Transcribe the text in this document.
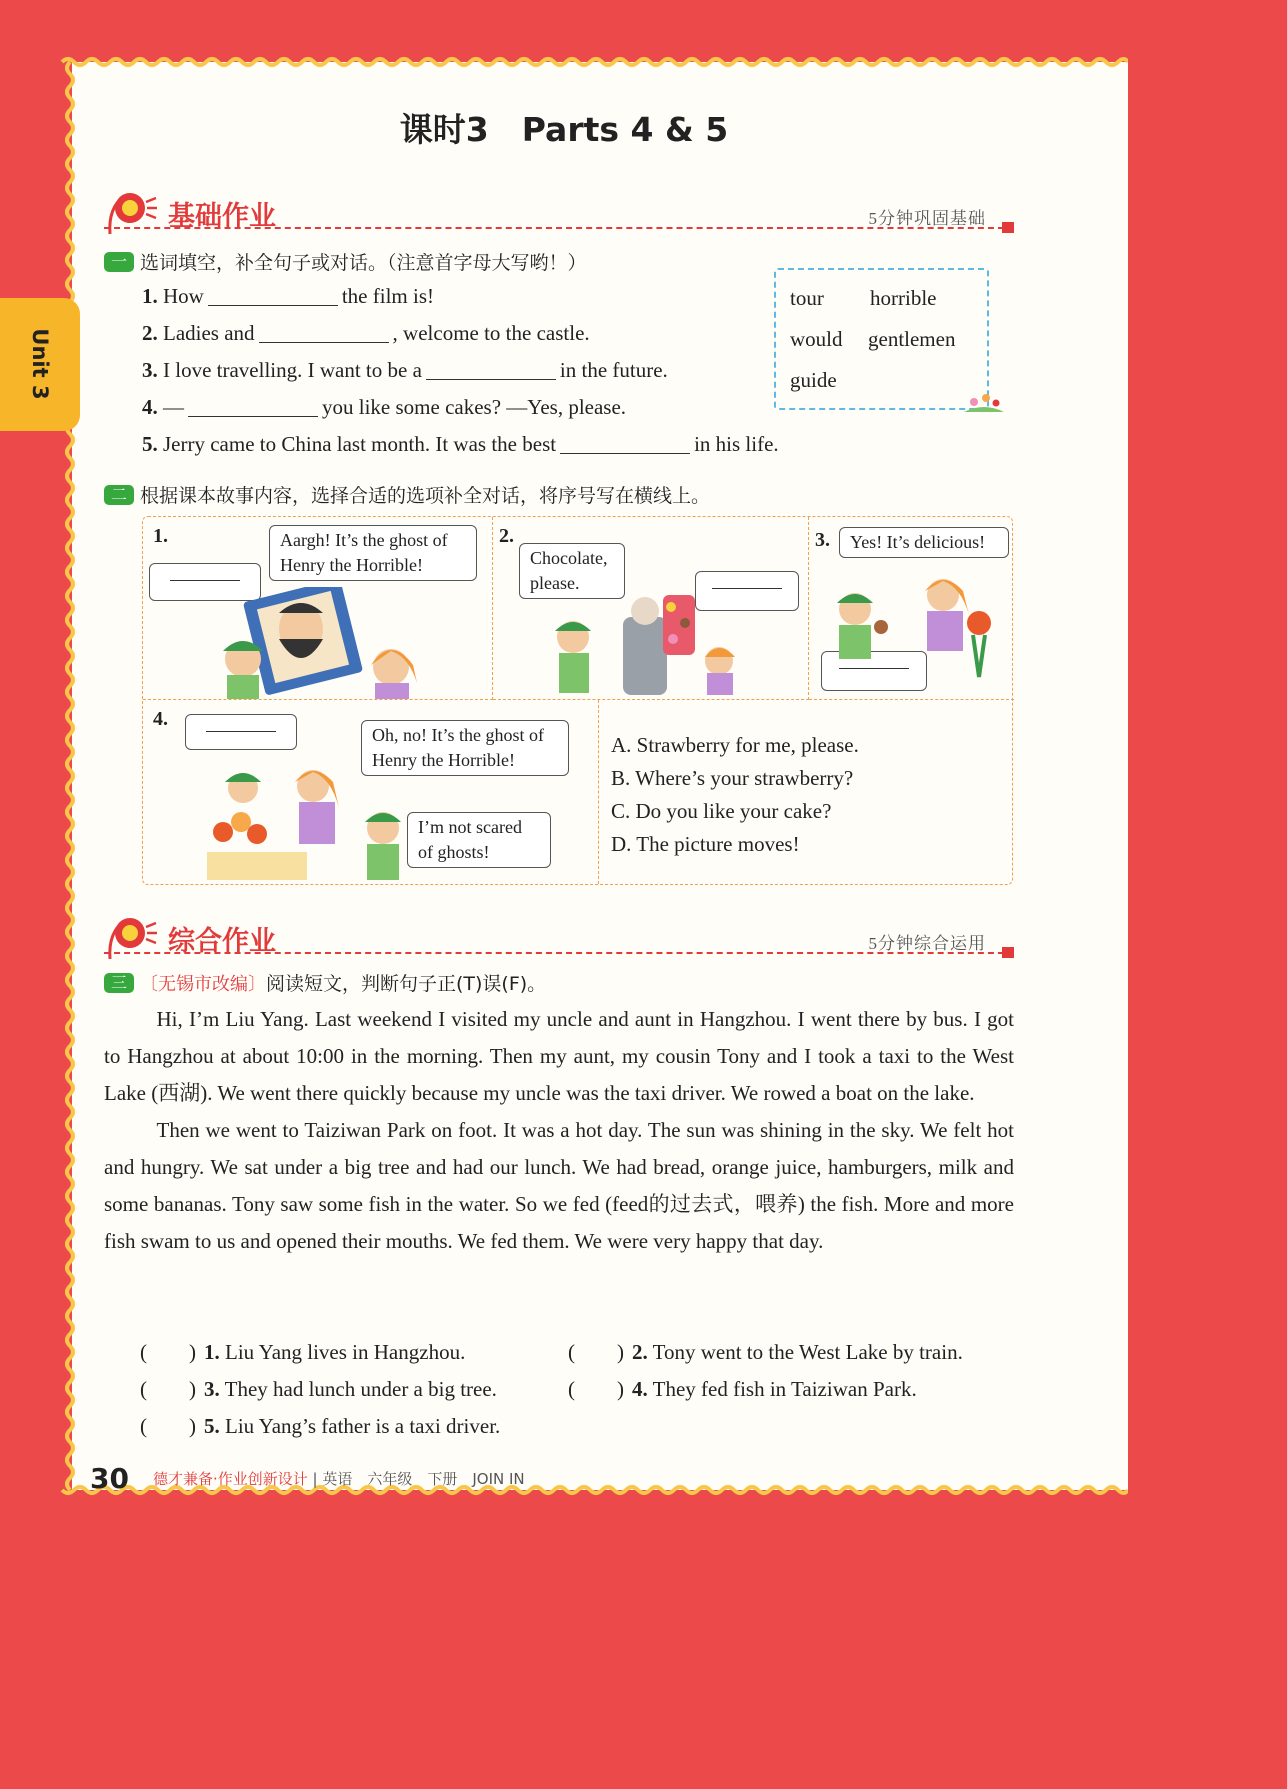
Unit 3
课时3　Parts 4 & 5
基础作业	5分钟巩固基础
一 选词填空，补全句子或对话。（注意首字母大写哟！）
1. How	the film is!
2. Ladies and	, welcome to the castle.
3. I love travelling. I want to be a	in the future.
4. —	you like some cakes? —Yes, please.
5. Jerry came to China last month. It was the best	in his life.
tour horrible
would gentlemen
guide
二 根据课本故事内容，选择合适的选项补全对话，将序号写在横线上。
1.	Aargh! It’s the ghost of Henry the Horrible!
2.
Chocolate, please.
3.	Yes! It’s delicious!
4.
Oh, no! It’s the ghost of Henry the Horrible!
I’m not scared of ghosts!
A. Strawberry for me, please.
B. Where’s your strawberry?
C. Do you like your cake?
D. The picture moves!
综合作业	5分钟综合运用
三 〔无锡市改编〕阅读短文，判断句子正(T)误(F)。

Hi, I’m Liu Yang. Last weekend I visited my uncle and aunt in Hangzhou. I went there by bus. I got to Hangzhou at about 10:00 in the morning. Then my aunt, my cousin Tony and I took a taxi to the West Lake (西湖). We went there quickly because my uncle was the taxi driver. We rowed a boat on the lake.

Then we went to Taiziwan Park on foot. It was a hot day. The sun was shining in the sky. We felt hot and hungry. We sat under a big tree and had our lunch. We had bread, orange juice, hamburgers, milk and some bananas. Tony saw some fish in the water. So we fed (feed的过去式，喂养) the fish. More and more fish swam to us and opened their mouths. We fed them. We were very happy that day.

(        ) 1. Liu Yang lives in Hangzhou.	(        ) 2. Tony went to the West Lake by train.
(        ) 3. They had lunch under a big tree.	(        ) 4. They fed fish in Taiziwan Park.
(        ) 5. Liu Yang’s father is a taxi driver.
30 德才兼备·作业创新设计 | 英语　六年级　下册　JOIN IN
